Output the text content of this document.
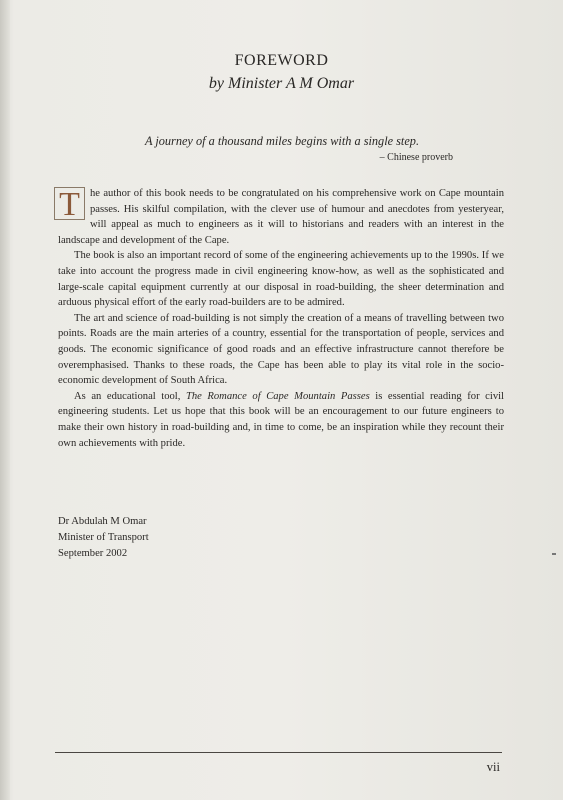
FOREWORD
by Minister A M Omar
A journey of a thousand miles begins with a single step.
– Chinese proverb

T he author of this book needs to be congratulated on his comprehensive work on Cape mountain passes. His skilful compilation, with the clever use of humour and anecdotes from yesteryear, will appeal as much to engineers as it will to historians and readers with an interest in the landscape and development of the Cape.

The book is also an important record of some of the engineering achievements up to the 1990s. If we take into account the progress made in civil engineering know-how, as well as the sophisticated and large-scale capital equipment currently at our disposal in road-building, the sheer determination and arduous physical effort of the early road-builders are to be admired.

The art and science of road-building is not simply the creation of a means of travelling between two points. Roads are the main arteries of a country, essential for the transportation of people, services and goods. The economic significance of good roads and an effective infrastructure cannot therefore be overemphasised. Thanks to these roads, the Cape has been able to play its vital role in the socio-economic development of South Africa.

As an educational tool, The Romance of Cape Mountain Passes is essential reading for civil engineering students. Let us hope that this book will be an encouragement to our future engineers to make their own history in road-building and, in time to come, be an inspiration while they recount their own achievements with pride.

Dr Abdulah M Omar
Minister of Transport
September 2002
vii
